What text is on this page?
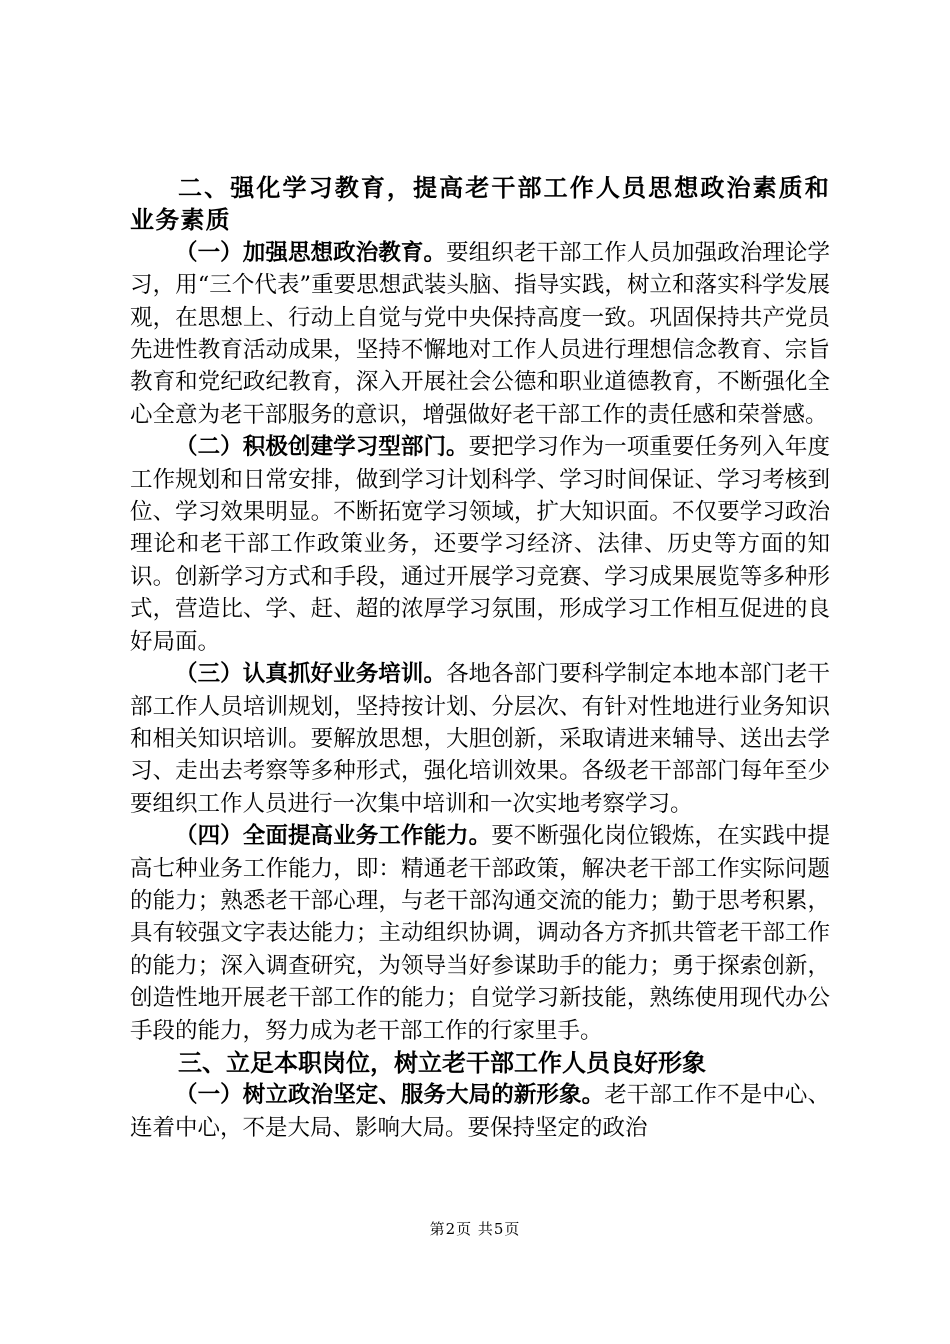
二、强化学习教育，提高老干部工作人员思想政治素质和业务素质

（一）加强思想政治教育。要组织老干部工作人员加强政治理论学习，用“三个代表”重要思想武装头脑、指导实践，树立和落实科学发展观，在思想上、行动上自觉与党中央保持高度一致。巩固保持共产党员先进性教育活动成果，坚持不懈地对工作人员进行理想信念教育、宗旨教育和党纪政纪教育，深入开展社会公德和职业道德教育，不断强化全心全意为老干部服务的意识，增强做好老干部工作的责任感和荣誉感。

（二）积极创建学习型部门。要把学习作为一项重要任务列入年度工作规划和日常安排，做到学习计划科学、学习时间保证、学习考核到位、学习效果明显。不断拓宽学习领域，扩大知识面。不仅要学习政治理论和老干部工作政策业务，还要学习经济、法律、历史等方面的知识。创新学习方式和手段，通过开展学习竞赛、学习成果展览等多种形式，营造比、学、赶、超的浓厚学习氛围，形成学习工作相互促进的良好局面。

（三）认真抓好业务培训。各地各部门要科学制定本地本部门老干部工作人员培训规划，坚持按计划、分层次、有针对性地进行业务知识和相关知识培训。要解放思想，大胆创新，采取请进来辅导、送出去学习、走出去考察等多种形式，强化培训效果。各级老干部部门每年至少要组织工作人员进行一次集中培训和一次实地考察学习。

（四）全面提高业务工作能力。要不断强化岗位锻炼，在实践中提高七种业务工作能力，即：精通老干部政策，解决老干部工作实际问题的能力；熟悉老干部心理，与老干部沟通交流的能力；勤于思考积累，具有较强文字表达能力；主动组织协调，调动各方齐抓共管老干部工作的能力；深入调查研究，为领导当好参谋助手的能力；勇于探索创新，创造性地开展老干部工作的能力；自觉学习新技能，熟练使用现代办公手段的能力，努力成为老干部工作的行家里手。

三、立足本职岗位，树立老干部工作人员良好形象

（一）树立政治坚定、服务大局的新形象。老干部工作不是中心、连着中心，不是大局、影响大局。要保持坚定的政治

第2页 共5页
